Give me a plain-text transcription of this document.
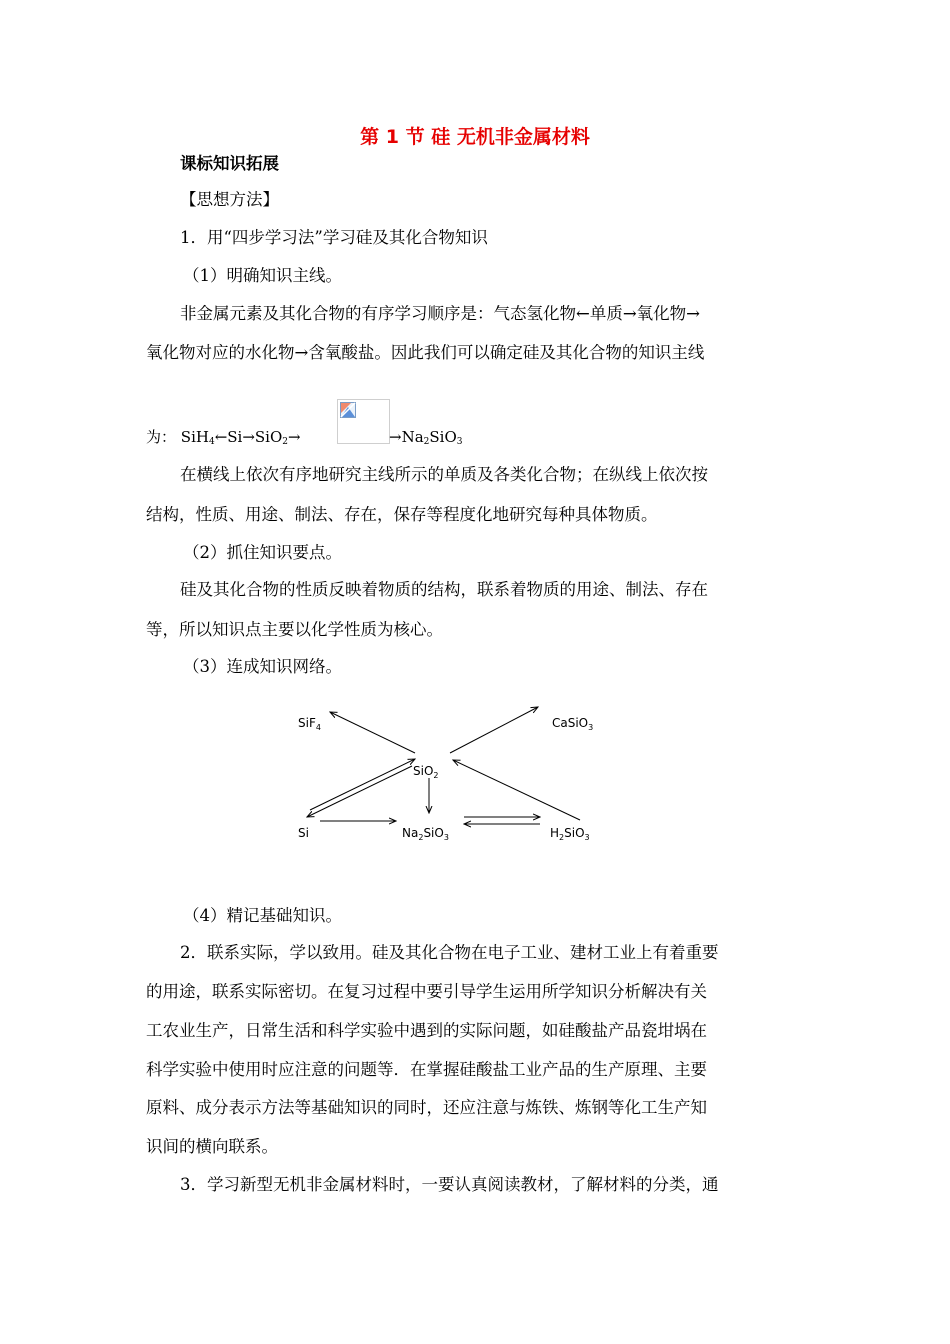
第 1 节 硅 无机非金属材料
课标知识拓展
【思想方法】
1．用“四步学习法”学习硅及其化合物知识
（1）明确知识主线。
非金属元素及其化合物的有序学习顺序是：气态氢化物←单质→氧化物→
氧化物对应的水化物→含氧酸盐。因此我们可以确定硅及其化合物的知识主线
为： SiH$_4$←Si→SiO$_2$→	$\to Na_2SiO_3$
在横线上依次有序地研究主线所示的单质及各类化合物；在纵线上依次按
结构，性质、用途、制法、存在，保存等程度化地研究每种具体物质。
（2）抓住知识要点。
硅及其化合物的性质反映着物质的结构，联系着物质的用途、制法、存在
等，所以知识点主要以化学性质为核心。
（3）连成知识网络。
SiF$_4$	CaSiO$_3$
SiO$_2$
Si	$Na_2SiO_3$	$H_2SiO_3$
（4）精记基础知识。
2．联系实际，学以致用。硅及其化合物在电子工业、建材工业上有着重要
的用途，联系实际密切。在复习过程中要引导学生运用所学知识分析解决有关
工农业生产，日常生活和科学实验中遇到的实际问题，如硅酸盐产品瓷坩埚在
科学实验中使用时应注意的问题等．在掌握硅酸盐工业产品的生产原理、主要
原料、成分表示方法等基础知识的同时，还应注意与炼铁、炼钢等化工生产知
识间的横向联系。
3．学习新型无机非金属材料时，一要认真阅读教材，了解材料的分类，通
